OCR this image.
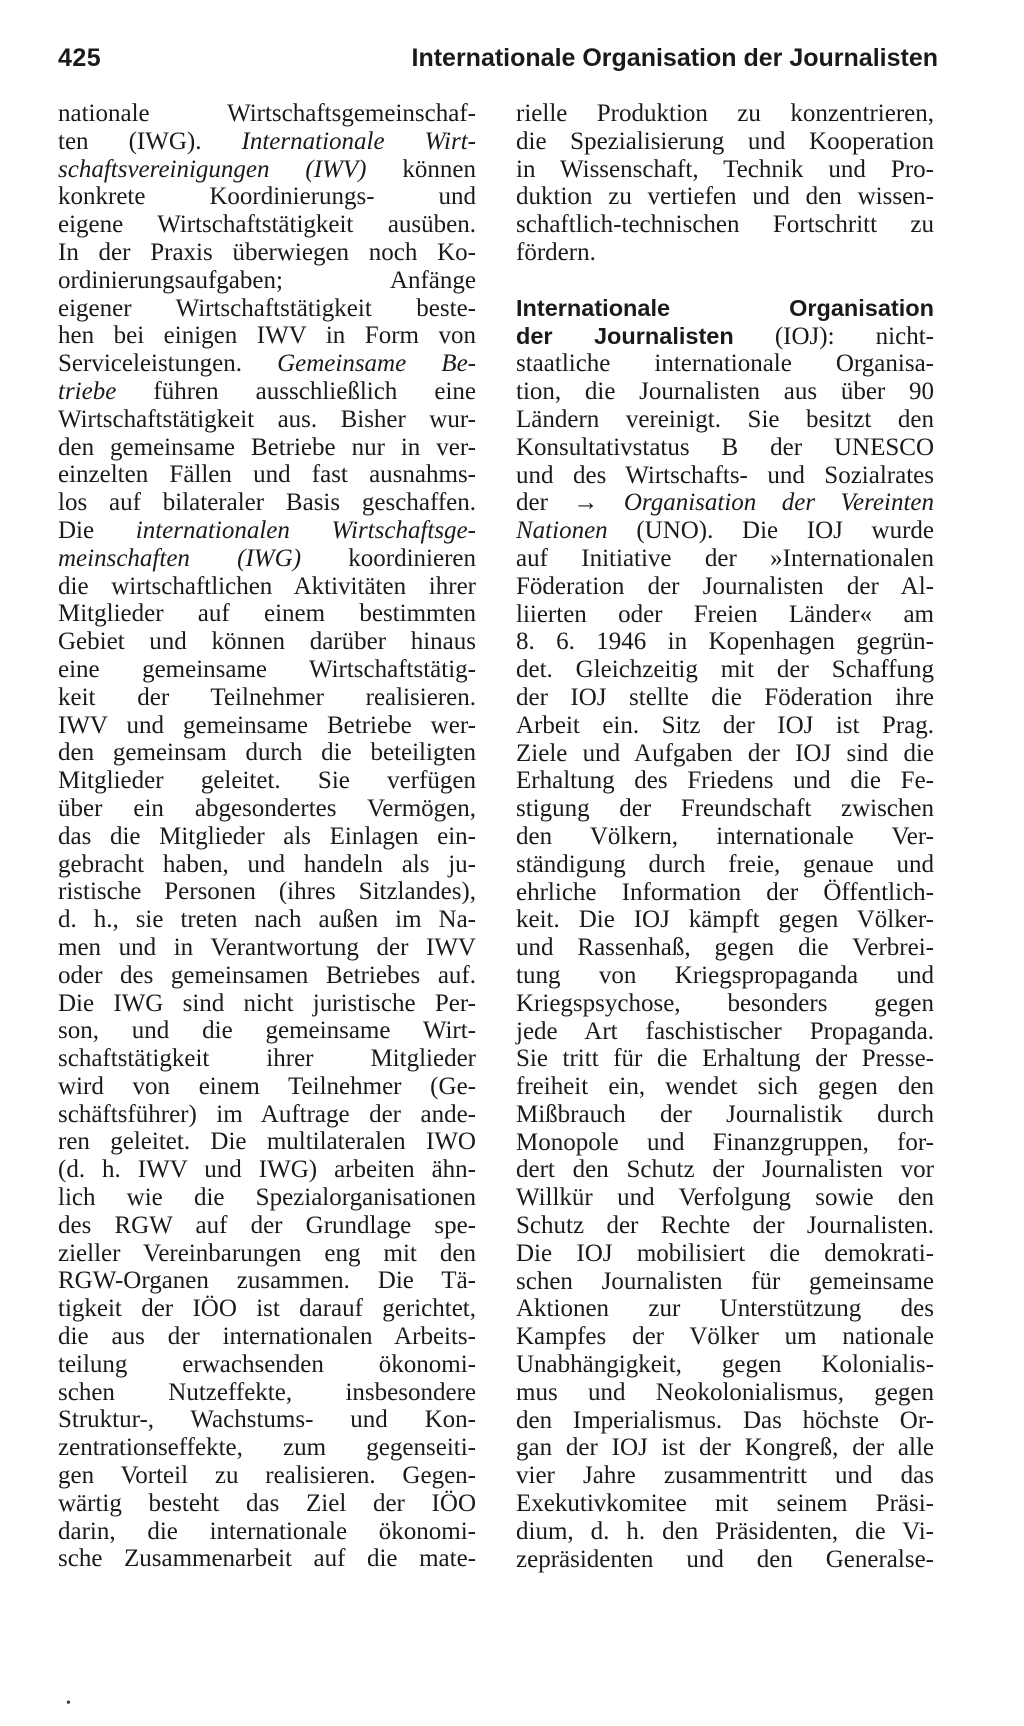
425	Internationale Organisation der Journalisten
nationale Wirtschaftsgemeinschaf-
ten (IWG). Internationale Wirt-
schaftsvereinigungen (IWV) können
konkrete Koordinierungs- und
eigene Wirtschaftstätigkeit ausüben.
In der Praxis überwiegen noch Ko-
ordinierungsaufgaben; Anfänge
eigener Wirtschaftstätigkeit beste-
hen bei einigen IWV in Form von
Serviceleistungen. Gemeinsame Be-
triebe führen ausschließlich eine
Wirtschaftstätigkeit aus. Bisher wur-
den gemeinsame Betriebe nur in ver-
einzelten Fällen und fast ausnahms-
los auf bilateraler Basis geschaffen.
Die internationalen Wirtschaftsge-
meinschaften (IWG) koordinieren
die wirtschaftlichen Aktivitäten ihrer
Mitglieder auf einem bestimmten
Gebiet und können darüber hinaus
eine gemeinsame Wirtschaftstätig-
keit der Teilnehmer realisieren.
IWV und gemeinsame Betriebe wer-
den gemeinsam durch die beteiligten
Mitglieder geleitet. Sie verfügen
über ein abgesondertes Vermögen,
das die Mitglieder als Einlagen ein-
gebracht haben, und handeln als ju-
ristische Personen (ihres Sitzlandes),
d. h., sie treten nach außen im Na-
men und in Verantwortung der IWV
oder des gemeinsamen Betriebes auf.
Die IWG sind nicht juristische Per-
son, und die gemeinsame Wirt-
schaftstätigkeit ihrer Mitglieder
wird von einem Teilnehmer (Ge-
schäftsführer) im Auftrage der ande-
ren geleitet. Die multilateralen IWO
(d. h. IWV und IWG) arbeiten ähn-
lich wie die Spezialorganisationen
des RGW auf der Grundlage spe-
zieller Vereinbarungen eng mit den
RGW-Organen zusammen. Die Tä-
tigkeit der IÖO ist darauf gerichtet,
die aus der internationalen Arbeits-
teilung erwachsenden ökonomi-
schen Nutzeffekte, insbesondere
Struktur-, Wachstums- und Kon-
zentrationseffekte, zum gegenseiti-
gen Vorteil zu realisieren. Gegen-
wärtig besteht das Ziel der IÖO
darin, die internationale ökonomi-
sche Zusammenarbeit auf die mate-
rielle Produktion zu konzentrieren,
die Spezialisierung und Kooperation
in Wissenschaft, Technik und Pro-
duktion zu vertiefen und den wissen-
schaftlich-technischen Fortschritt zu
fördern.
Internationale Organisation
der Journalisten (IOJ): nicht-
staatliche internationale Organisa-
tion, die Journalisten aus über 90
Ländern vereinigt. Sie besitzt den
Konsultativstatus B der UNESCO
und des Wirtschafts- und Sozialrates
der → Organisation der Vereinten
Nationen (UNO). Die IOJ wurde
auf Initiative der »Internationalen
Föderation der Journalisten der Al-
liierten oder Freien Länder« am
8. 6. 1946 in Kopenhagen gegrün-
det. Gleichzeitig mit der Schaffung
der IOJ stellte die Föderation ihre
Arbeit ein. Sitz der IOJ ist Prag.
Ziele und Aufgaben der IOJ sind die
Erhaltung des Friedens und die Fe-
stigung der Freundschaft zwischen
den Völkern, internationale Ver-
ständigung durch freie, genaue und
ehrliche Information der Öffentlich-
keit. Die IOJ kämpft gegen Völker-
und Rassenhaß, gegen die Verbrei-
tung von Kriegspropaganda und
Kriegspsychose, besonders gegen
jede Art faschistischer Propaganda.
Sie tritt für die Erhaltung der Presse-
freiheit ein, wendet sich gegen den
Mißbrauch der Journalistik durch
Monopole und Finanzgruppen, for-
dert den Schutz der Journalisten vor
Willkür und Verfolgung sowie den
Schutz der Rechte der Journalisten.
Die IOJ mobilisiert die demokrati-
schen Journalisten für gemeinsame
Aktionen zur Unterstützung des
Kampfes der Völker um nationale
Unabhängigkeit, gegen Kolonialis-
mus und Neokolonialismus, gegen
den Imperialismus. Das höchste Or-
gan der IOJ ist der Kongreß, der alle
vier Jahre zusammentritt und das
Exekutivkomitee mit seinem Präsi-
dium, d. h. den Präsidenten, die Vi-
zepräsidenten und den Generalse-
•
